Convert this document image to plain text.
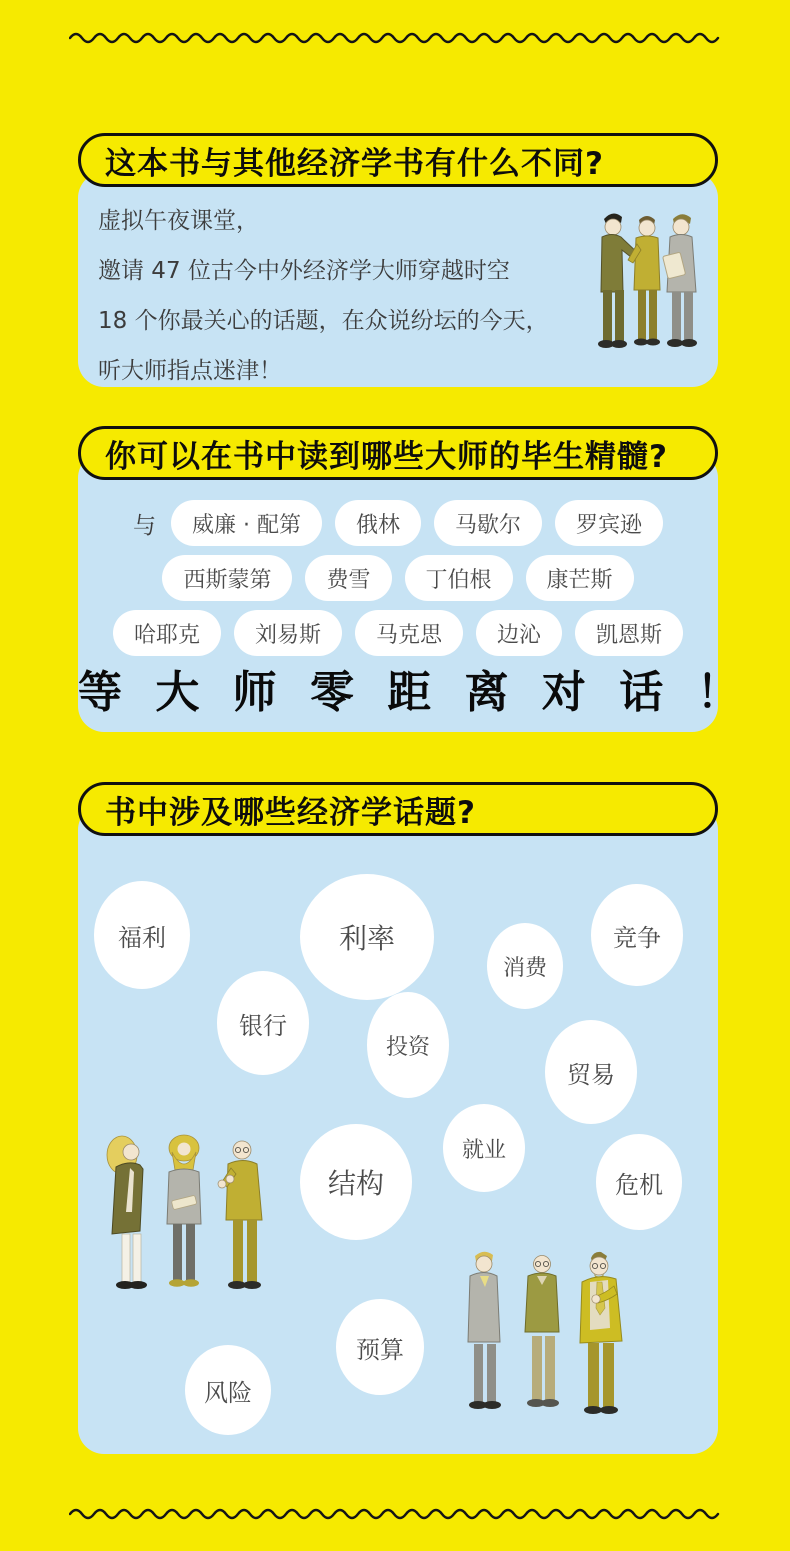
这本书与其他经济学书有什么不同?
虚拟午夜课堂，
邀请 47 位古今中外经济学大师穿越时空
18 个你最关心的话题，在众说纷坛的今天，
听大师指点迷津！
你可以在书中读到哪些大师的毕生精髓?
与	威廉 · 配第	俄林	马歇尔	罗宾逊
西斯蒙第	费雪	丁伯根	康芒斯
哈耶克	刘易斯	马克思	边沁	凯恩斯
等 大 师 零 距 离 对 话 ！
书中涉及哪些经济学话题?
福利	利率
消费
竞争
银行
投资
贸易
就业
结构	危机
预算
风险
